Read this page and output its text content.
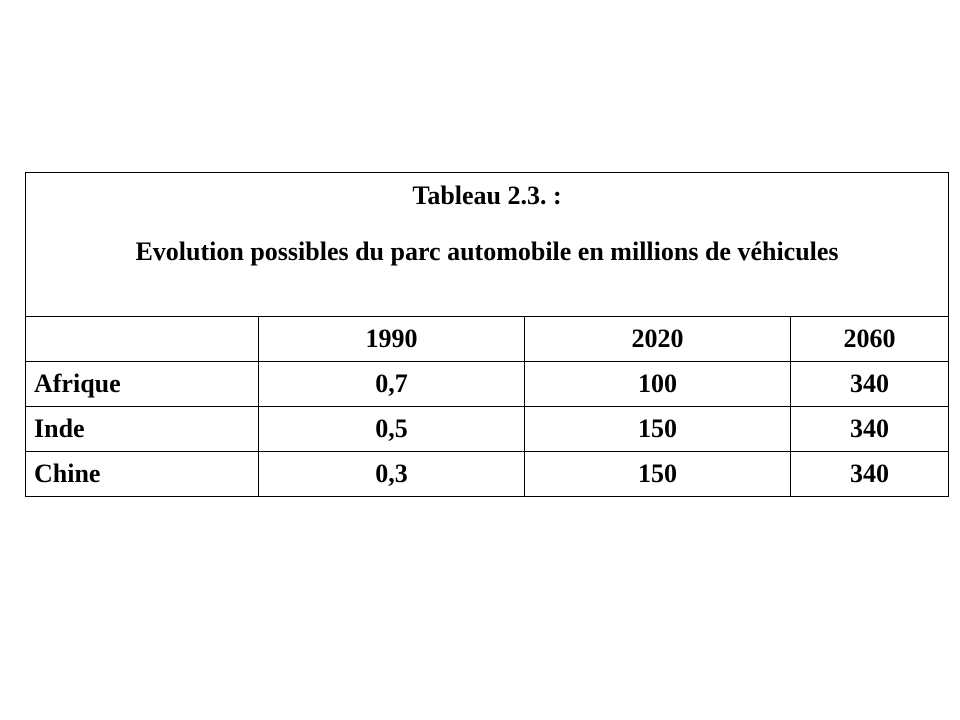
Tableau 2.3. :
Evolution possibles du parc automobile en millions de véhicules			

	1990	2020	2060
Afrique	0,7	100	340
Inde	0,5	150	340
Chine	0,3	150	340
